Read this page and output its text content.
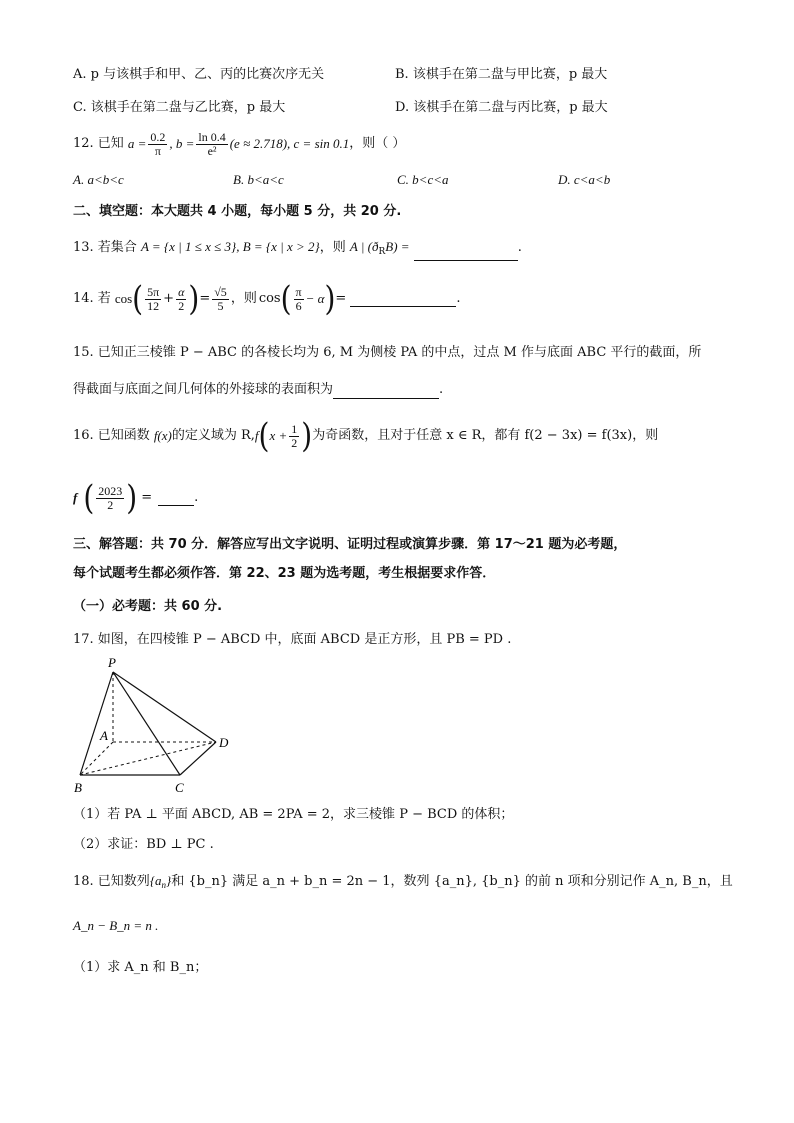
A. p 与该棋手和甲、乙、丙的比赛次序无关	B. 该棋手在第二盘与甲比赛，p 最大
C. 该棋手在第二盘与乙比赛，p 最大	D. 该棋手在第二盘与丙比赛，p 最大
12. 已知 $a = \frac{0.2}{\pi}$ , $b = \frac{\ln 0.4}{\text{e²}} (e \approx 2.718)$, c = sin 0.1 ，则（ ）
A. a<b<c	B. b<a<c	C. b<c<a	D. c<a<b
二、填空题：本大题共 4 小题，每小题 5 分，共 20 分.
13. 若集合 A = {x | 1 ≤ x ≤ 3}, B = {x | x > 2}，则 A | $(ð_RB)$ =	.
14. 若 cos ( $\frac{5\pi}{12} + \frac{\alpha}{2}$ ) = $\frac{√5}{5}$ ，则 cos ( $\frac{\pi}{6} - \alpha$ ) =	.
15. 已知正三棱锥 P − ABC 的各棱长均为 6, M 为侧棱 PA 的中点，过点 M 作与底面 ABC 平行的截面，所
得截面与底面之间几何体的外接球的表面积为	.
16. 已知函数 f(x) 的定义域为 R, f ( $x + \frac{1}{2}$ ) 为奇函数，且对于任意 x ∈ R，都有 f(2 − 3x) = f(3x)，则
f ( $\frac{2023}{2}$ ) =	.
三、解答题：共 70 分．解答应写出文字说明、证明过程或演算步骤．第 17～21 题为必考题，
每个试题考生都必须作答．第 22、23 题为选考题，考生根据要求作答．
（一）必考题：共 60 分.
17. 如图，在四棱锥 P − ABCD 中，底面 ABCD 是正方形，且 PB = PD .
P
A
B	C
D
（1）若 PA ⊥ 平面 ABCD, AB = 2PA = 2，求三棱锥 P − BCD 的体积；
（2）求证：BD ⊥ PC .
18. 已知数列$\{a_n\}$和 {b_n} 满足 a_n + b_n = 2n − 1，数列 {a_n}, {b_n} 的前 n 项和分别记作 A_n, B_n，且
A_n − B_n = n .
（1）求 A_n 和 B_n；
